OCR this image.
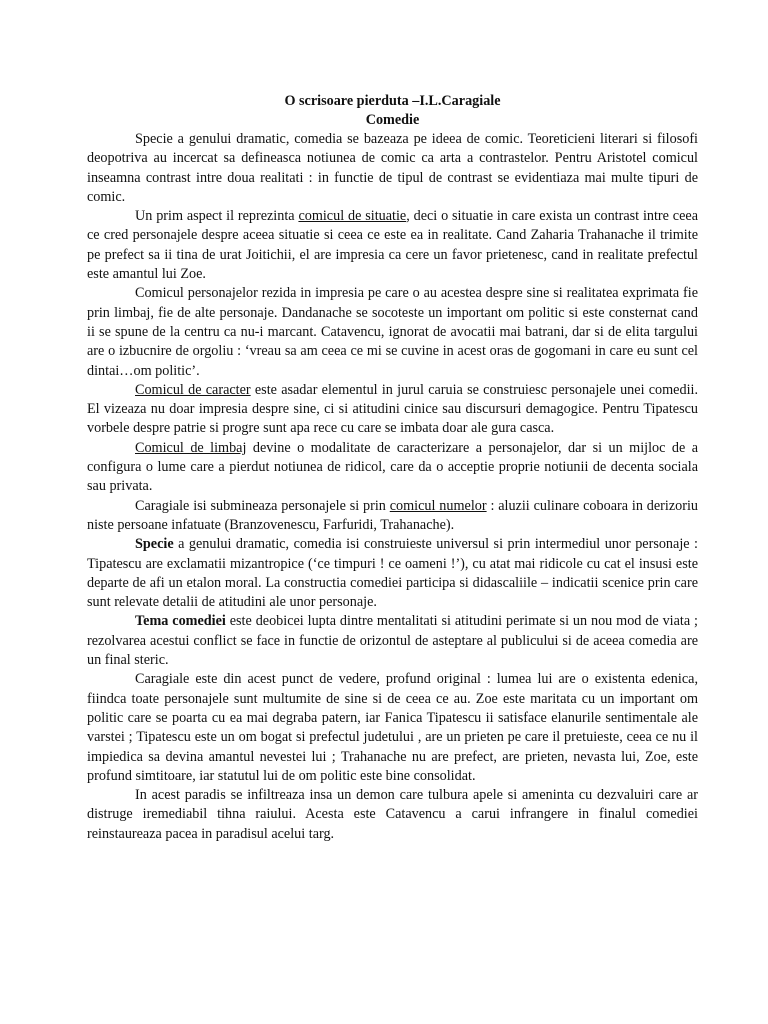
O scrisoare pierduta –I.L.Caragiale

Comedie

Specie a genului dramatic, comedia se bazeaza pe ideea de comic. Teoreticieni literari si filosofi deopotriva au incercat sa defineasca notiunea de comic ca arta a contrastelor. Pentru Aristotel comicul inseamna contrast intre doua realitati : in functie de tipul de contrast se evidentiaza mai multe tipuri de comic.

Un prim aspect il reprezinta comicul de situatie, deci o situatie in care exista un contrast intre ceea ce cred personajele despre aceea situatie si ceea ce este ea in realitate. Cand Zaharia Trahanache il trimite pe prefect sa ii tina de urat Joitichii, el are impresia ca cere un favor prietenesc, cand in realitate prefectul este amantul lui Zoe.

Comicul personajelor rezida in impresia pe care o au acestea despre sine si realitatea exprimata fie prin limbaj, fie de alte personaje. Dandanache se socoteste un important om politic si este consternat cand ii se spune de la centru ca nu-i marcant. Catavencu, ignorat de avocatii mai batrani, dar si de elita targului are o izbucnire de orgoliu : ‘vreau sa am ceea ce mi se cuvine in acest oras de gogomani in care eu sunt cel dintai…om politic’.

Comicul de caracter este asadar elementul in jurul caruia se construiesc personajele unei comedii. El vizeaza nu doar impresia despre sine, ci si atitudini cinice sau discursuri demagogice. Pentru Tipatescu vorbele despre patrie si progre sunt apa rece cu care se imbata doar ale gura casca.

Comicul de limbaj devine o modalitate de caracterizare a personajelor, dar si un mijloc de a configura o lume care a pierdut notiunea de ridicol, care da o acceptie proprie notiunii de decenta sociala sau privata.

Caragiale isi submineaza personajele si prin comicul numelor : aluzii culinare coboara in derizoriu niste persoane infatuate (Branzovenescu, Farfuridi, Trahanache).

Specie a genului dramatic, comedia isi construieste universul si prin intermediul unor personaje : Tipatescu are exclamatii mizantropice (‘ce timpuri ! ce oameni !’), cu atat mai ridicole cu cat el insusi este departe de afi un etalon moral. La constructia comediei participa si didascaliile – indicatii scenice prin care sunt relevate detalii de atitudini ale unor personaje.

Tema comediei este deobicei lupta dintre mentalitati si atitudini perimate si un nou mod de viata ; rezolvarea acestui conflict se face in functie de orizontul de asteptare al publicului si de aceea comedia are un final steric.

Caragiale este din acest punct de vedere, profund original : lumea lui are o existenta edenica, fiindca toate personajele sunt multumite de sine si de ceea ce au. Zoe este maritata cu un important om politic care se poarta cu ea mai degraba patern, iar Fanica Tipatescu ii satisface elanurile sentimentale ale varstei ; Tipatescu este un om bogat si prefectul judetului , are un prieten pe care il pretuieste, ceea ce nu il impiedica sa devina amantul nevestei lui ; Trahanache nu are prefect, are prieten, nevasta lui, Zoe, este profund simtitoare, iar statutul lui de om politic este bine consolidat.

In acest paradis se infiltreaza insa un demon care tulbura apele si ameninta cu dezvaluiri care ar distruge iremediabil tihna raiului. Acesta este Catavencu a carui infrangere in finalul comediei reinstaureaza pacea in paradisul acelui targ.
